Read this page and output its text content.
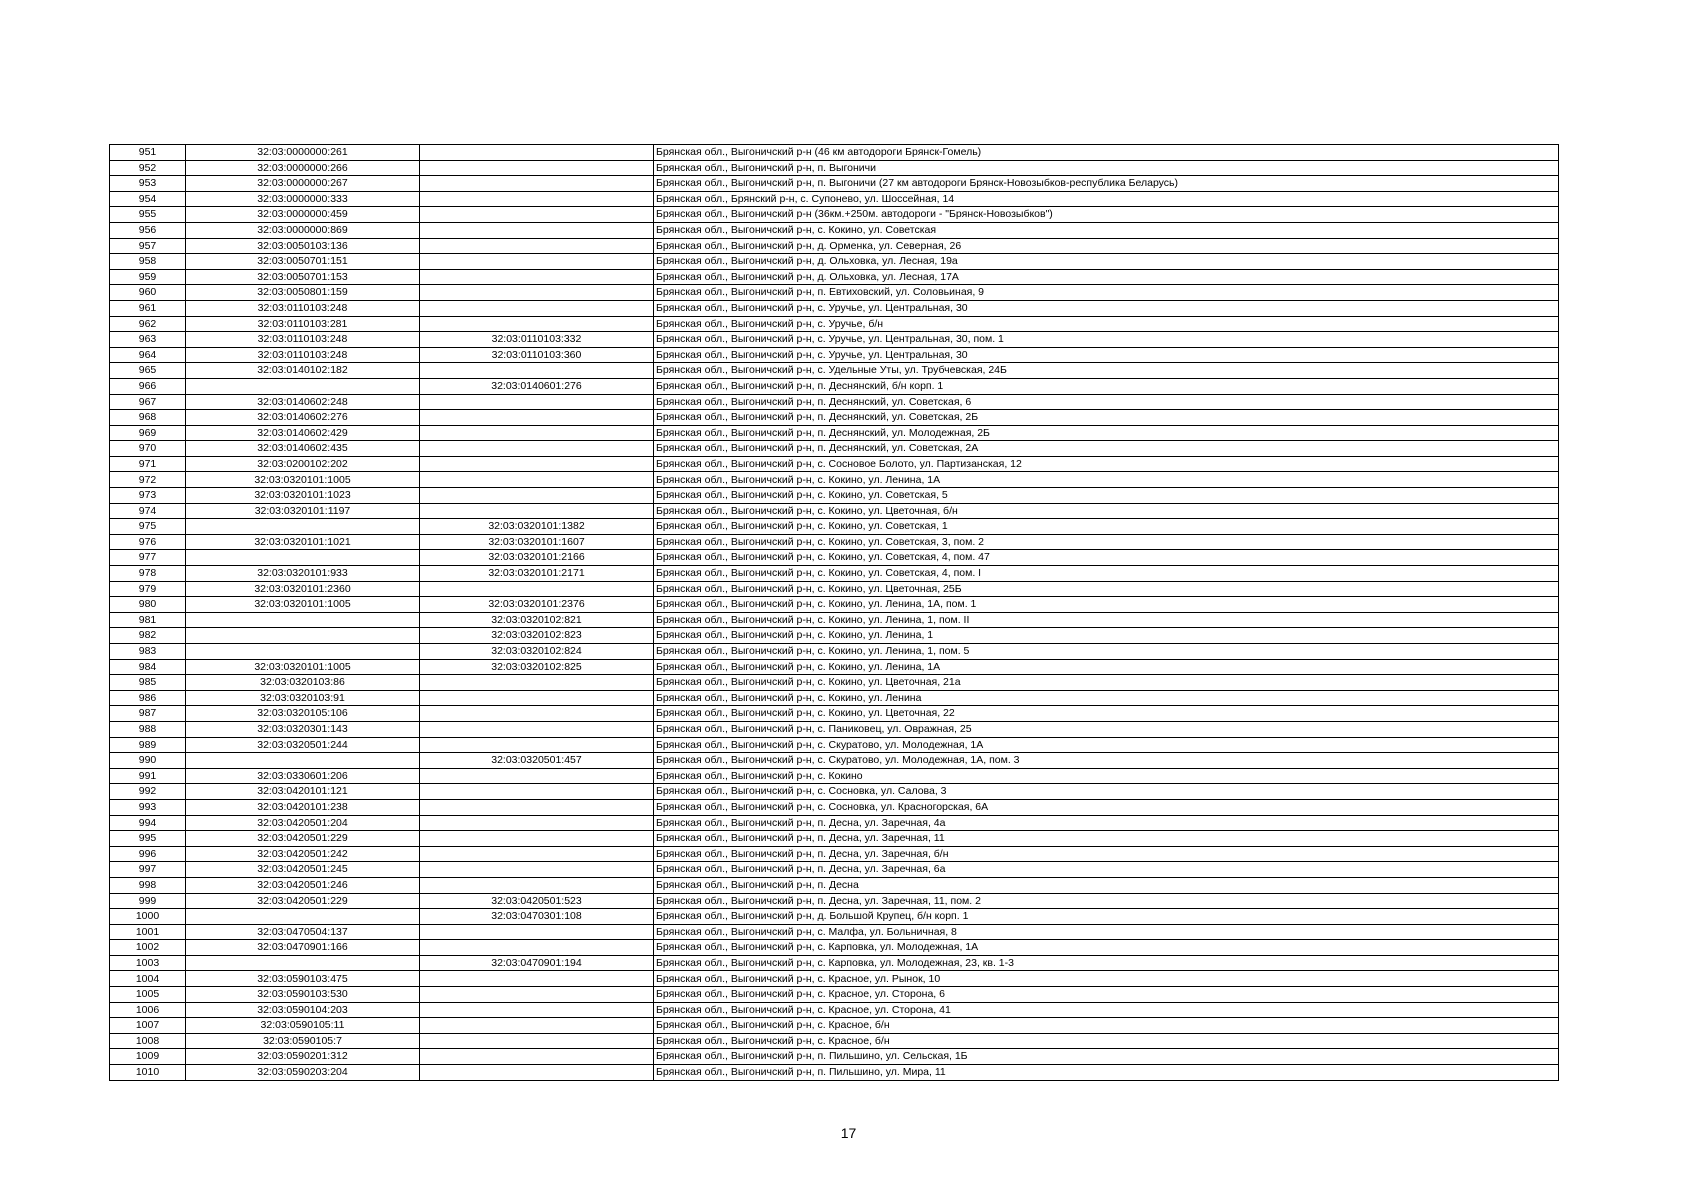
951	32:03:0000000:261		Брянская обл., Выгоничский р-н (46 км автодороги Брянск-Гомель)
952	32:03:0000000:266		Брянская обл., Выгоничский р-н, п. Выгоничи
953	32:03:0000000:267		Брянская обл., Выгоничский р-н, п. Выгоничи (27 км автодороги Брянск-Новозыбков-республика Беларусь)
954	32:03:0000000:333		Брянская обл., Брянский р-н, с. Супонево, ул. Шоссейная, 14
955	32:03:0000000:459		Брянская обл., Выгоничский р-н (36км.+250м. автодороги - "Брянск-Новозыбков")
956	32:03:0000000:869		Брянская обл., Выгоничский р-н, с. Кокино, ул. Советская
957	32:03:0050103:136		Брянская обл., Выгоничский р-н, д. Орменка, ул. Северная, 26
958	32:03:0050701:151		Брянская обл., Выгоничский р-н, д. Ольховка, ул. Лесная, 19а
959	32:03:0050701:153		Брянская обл., Выгоничский р-н, д. Ольховка, ул. Лесная, 17А
960	32:03:0050801:159		Брянская обл., Выгоничский р-н, п. Евтиховский, ул. Соловьиная, 9
961	32:03:0110103:248		Брянская обл., Выгоничский р-н, с. Уручье, ул. Центральная, 30
962	32:03:0110103:281		Брянская обл., Выгоничский р-н, с. Уручье, б/н
963	32:03:0110103:248	32:03:0110103:332	Брянская обл., Выгоничский р-н, с. Уручье, ул. Центральная, 30, пом. 1
964	32:03:0110103:248	32:03:0110103:360	Брянская обл., Выгоничский р-н, с. Уручье, ул. Центральная, 30
965	32:03:0140102:182		Брянская обл., Выгоничский р-н, с. Удельные Уты, ул. Трубчевская, 24Б
966		32:03:0140601:276	Брянская обл., Выгоничский р-н, п. Деснянский, б/н корп. 1
967	32:03:0140602:248		Брянская обл., Выгоничский р-н, п. Деснянский, ул. Советская, 6
968	32:03:0140602:276		Брянская обл., Выгоничский р-н, п. Деснянский, ул. Советская, 2Б
969	32:03:0140602:429		Брянская обл., Выгоничский р-н, п. Деснянский, ул. Молодежная, 2Б
970	32:03:0140602:435		Брянская обл., Выгоничский р-н, п. Деснянский, ул. Советская, 2А
971	32:03:0200102:202		Брянская обл., Выгоничский р-н, с. Сосновое Болото, ул. Партизанская, 12
972	32:03:0320101:1005		Брянская обл., Выгоничский р-н, с. Кокино, ул. Ленина, 1А
973	32:03:0320101:1023		Брянская обл., Выгоничский р-н, с. Кокино, ул. Советская, 5
974	32:03:0320101:1197		Брянская обл., Выгоничский р-н, с. Кокино, ул. Цветочная, б/н
975		32:03:0320101:1382	Брянская обл., Выгоничский р-н, с. Кокино, ул. Советская, 1
976	32:03:0320101:1021	32:03:0320101:1607	Брянская обл., Выгоничский р-н, с. Кокино, ул. Советская, 3, пом. 2
977		32:03:0320101:2166	Брянская обл., Выгоничский р-н, с. Кокино, ул. Советская, 4, пом. 47
978	32:03:0320101:933	32:03:0320101:2171	Брянская обл., Выгоничский р-н, с. Кокино, ул. Советская, 4, пом. I
979	32:03:0320101:2360		Брянская обл., Выгоничский р-н, с. Кокино, ул. Цветочная, 25Б
980	32:03:0320101:1005	32:03:0320101:2376	Брянская обл., Выгоничский р-н, с. Кокино, ул. Ленина, 1А, пом. 1
981		32:03:0320102:821	Брянская обл., Выгоничский р-н, с. Кокино, ул. Ленина, 1, пом. II
982		32:03:0320102:823	Брянская обл., Выгоничский р-н, с. Кокино, ул. Ленина, 1
983		32:03:0320102:824	Брянская обл., Выгоничский р-н, с. Кокино, ул. Ленина, 1, пом. 5
984	32:03:0320101:1005	32:03:0320102:825	Брянская обл., Выгоничский р-н, с. Кокино, ул. Ленина, 1А
985	32:03:0320103:86		Брянская обл., Выгоничский р-н, с. Кокино, ул. Цветочная, 21а
986	32:03:0320103:91		Брянская обл., Выгоничский р-н, с. Кокино, ул. Ленина
987	32:03:0320105:106		Брянская обл., Выгоничский р-н, с. Кокино, ул. Цветочная, 22
988	32:03:0320301:143		Брянская обл., Выгоничский р-н, с. Паниковец, ул. Овражная, 25
989	32:03:0320501:244		Брянская обл., Выгоничский р-н, с. Скуратово, ул. Молодежная, 1А
990		32:03:0320501:457	Брянская обл., Выгоничский р-н, с. Скуратово, ул. Молодежная, 1А, пом. 3
991	32:03:0330601:206		Брянская обл., Выгоничский р-н, с. Кокино
992	32:03:0420101:121		Брянская обл., Выгоничский р-н, с. Сосновка, ул. Салова, 3
993	32:03:0420101:238		Брянская обл., Выгоничский р-н, с. Сосновка, ул. Красногорская, 6А
994	32:03:0420501:204		Брянская обл., Выгоничский р-н, п. Десна, ул. Заречная, 4а
995	32:03:0420501:229		Брянская обл., Выгоничский р-н, п. Десна, ул. Заречная, 11
996	32:03:0420501:242		Брянская обл., Выгоничский р-н, п. Десна, ул. Заречная, б/н
997	32:03:0420501:245		Брянская обл., Выгоничский р-н, п. Десна, ул. Заречная, 6а
998	32:03:0420501:246		Брянская обл., Выгоничский р-н, п. Десна
999	32:03:0420501:229	32:03:0420501:523	Брянская обл., Выгоничский р-н, п. Десна, ул. Заречная, 11, пом. 2
1000		32:03:0470301:108	Брянская обл., Выгоничский р-н, д. Большой Крупец, б/н корп. 1
1001	32:03:0470504:137		Брянская обл., Выгоничский р-н, с. Малфа, ул. Больничная, 8
1002	32:03:0470901:166		Брянская обл., Выгоничский р-н, с. Карповка, ул. Молодежная, 1А
1003		32:03:0470901:194	Брянская обл., Выгоничский р-н, с. Карповка, ул. Молодежная, 23, кв. 1-3
1004	32:03:0590103:475		Брянская обл., Выгоничский р-н, с. Красное, ул. Рынок, 10
1005	32:03:0590103:530		Брянская обл., Выгоничский р-н, с. Красное, ул. Сторона, 6
1006	32:03:0590104:203		Брянская обл., Выгоничский р-н, с. Красное, ул. Сторона, 41
1007	32:03:0590105:11		Брянская обл., Выгоничский р-н, с. Красное, б/н
1008	32:03:0590105:7		Брянская обл., Выгоничский р-н, с. Красное, б/н
1009	32:03:0590201:312		Брянская обл., Выгоничский р-н, п. Пильшино, ул. Сельская, 1Б
1010	32:03:0590203:204		Брянская обл., Выгоничский р-н, п. Пильшино, ул. Мира, 11
17
